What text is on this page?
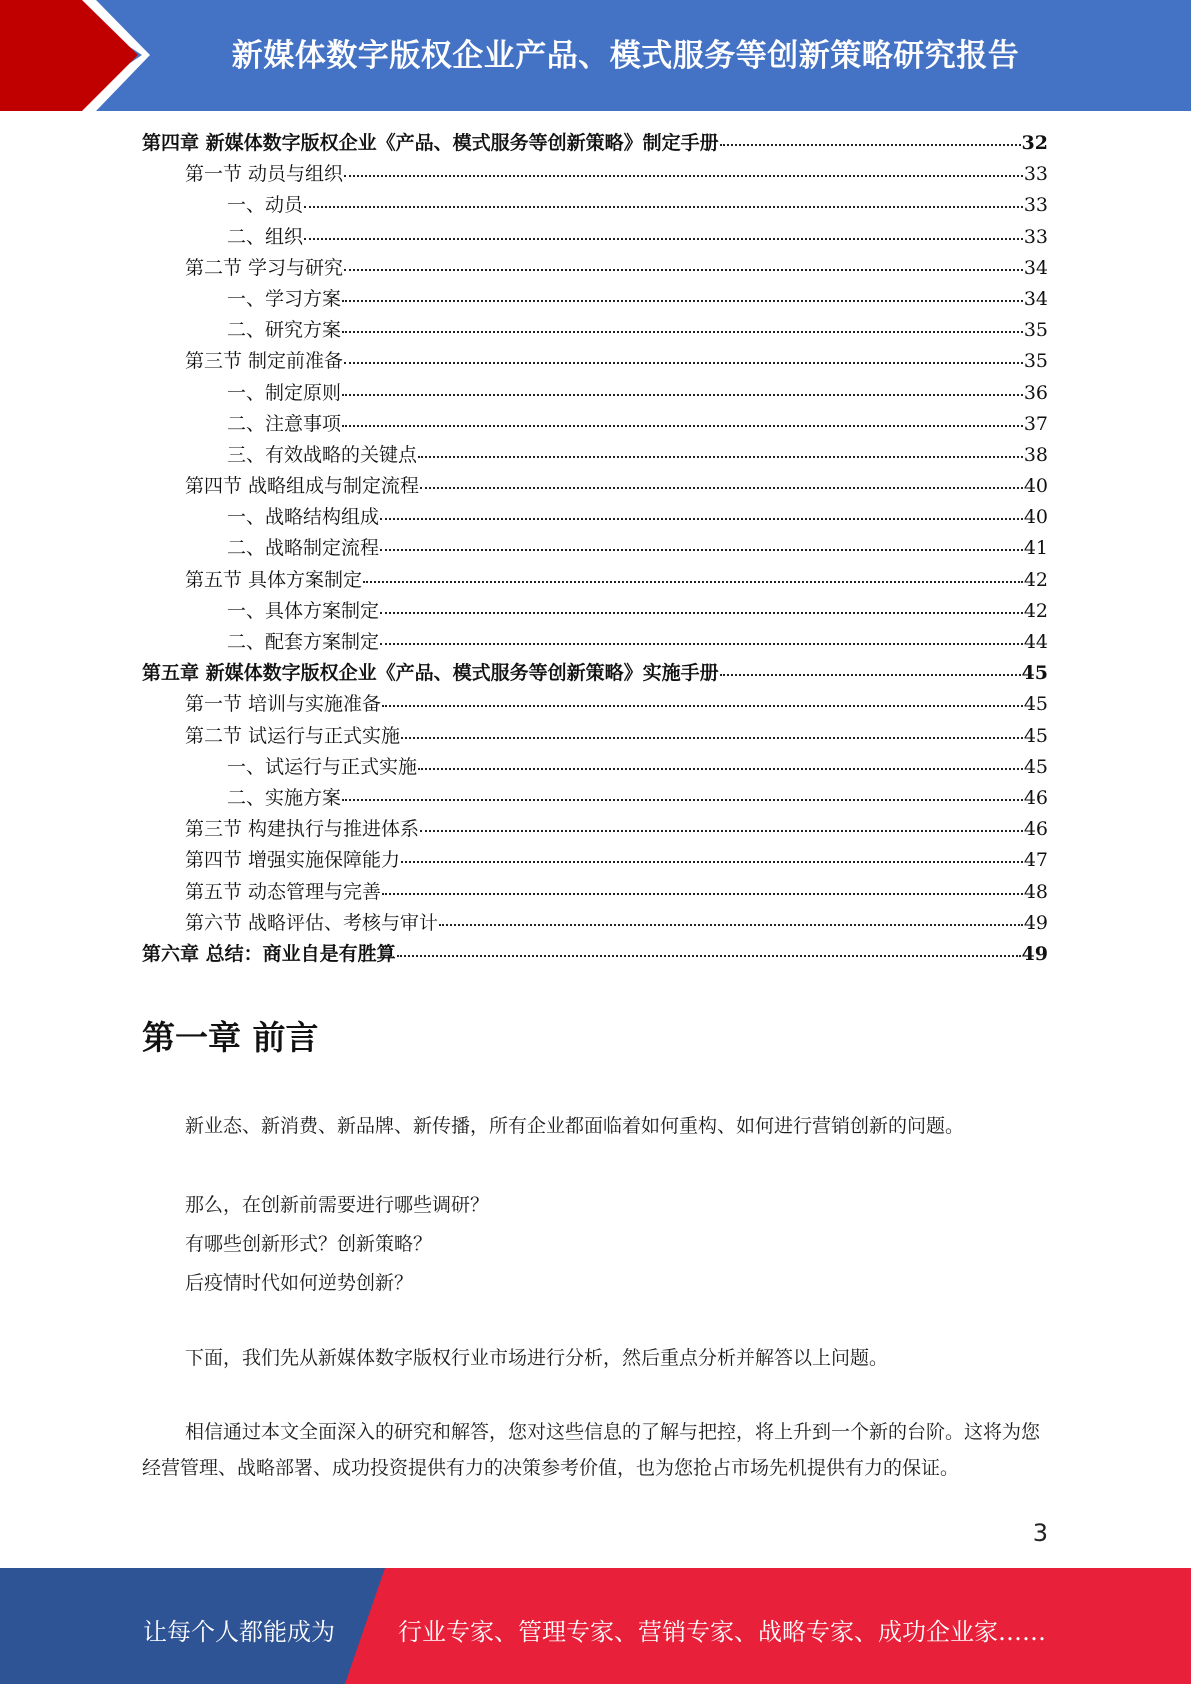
新媒体数字版权企业产品、模式服务等创新策略研究报告
第四章 新媒体数字版权企业《产品、模式服务等创新策略》制定手册	32
第一节 动员与组织	33
一、动员	33
二、组织	33
第二节 学习与研究	34
一、学习方案	34
二、研究方案	35
第三节 制定前准备	35
一、制定原则	36
二、注意事项	37
三、有效战略的关键点	38
第四节 战略组成与制定流程	40
一、战略结构组成	40
二、战略制定流程	41
第五节 具体方案制定	42
一、具体方案制定	42
二、配套方案制定	44
第五章 新媒体数字版权企业《产品、模式服务等创新策略》实施手册	45
第一节 培训与实施准备	45
第二节 试运行与正式实施	45
一、试运行与正式实施	45
二、实施方案	46
第三节 构建执行与推进体系	46
第四节 增强实施保障能力	47
第五节 动态管理与完善	48
第六节 战略评估、考核与审计	49
第六章 总结：商业自是有胜算	49
第一章 前言
新业态、新消费、新品牌、新传播，所有企业都面临着如何重构、如何进行营销创新的问题。
那么，在创新前需要进行哪些调研？
有哪些创新形式？创新策略？
后疫情时代如何逆势创新？
下面，我们先从新媒体数字版权行业市场进行分析，然后重点分析并解答以上问题。
相信通过本文全面深入的研究和解答，您对这些信息的了解与把控，将上升到一个新的台阶。这将为您经营管理、战略部署、成功投资提供有力的决策参考价值，也为您抢占市场先机提供有力的保证。
3
让每个人都能成为	行业专家、管理专家、营销专家、战略专家、成功企业家……
